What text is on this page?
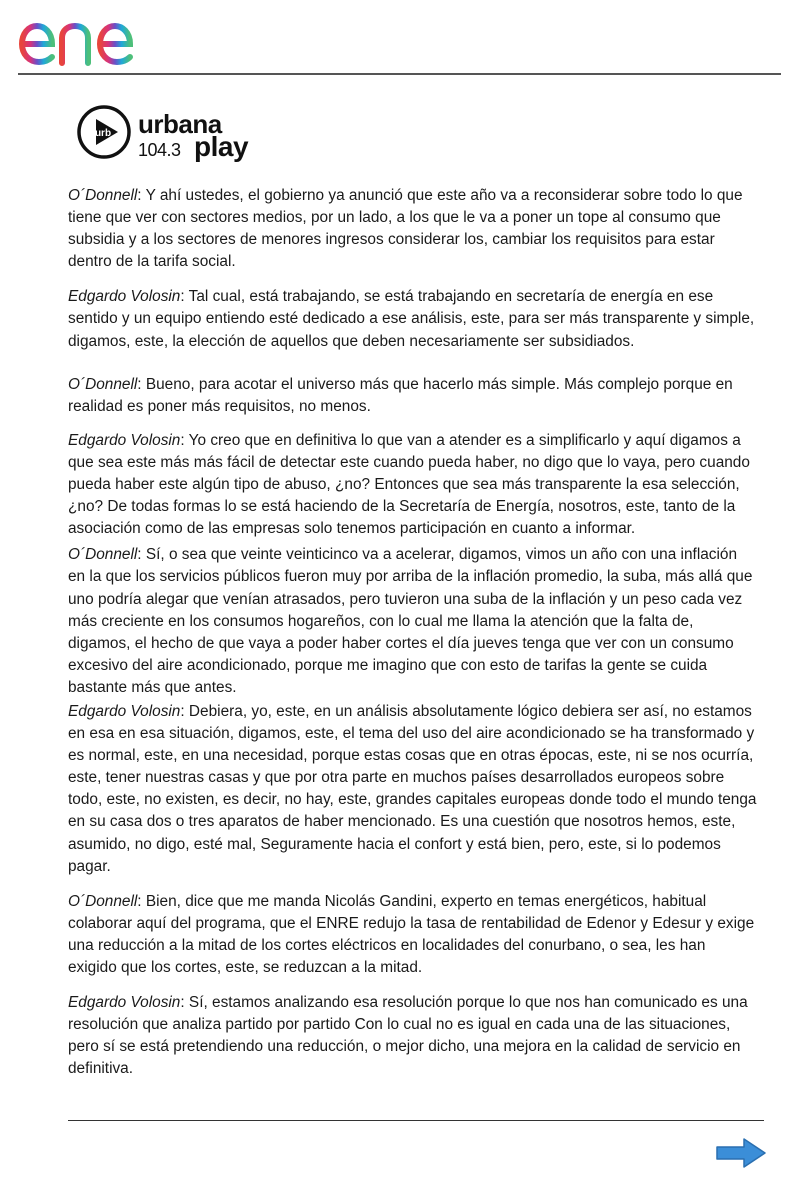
urb urbana
104.3 play

O´Donnell: Y ahí ustedes, el gobierno ya anunció que este año va a reconsiderar sobre todo lo que tiene que ver con sectores medios, por un lado, a los que le va a poner un tope al consumo que subsidia y a los sectores de menores ingresos considerar los, cambiar los requisitos para estar dentro de la tarifa social.

Edgardo Volosin: Tal cual, está trabajando, se está trabajando en secretaría de energía en ese sentido y un equipo entiendo esté dedicado a ese análisis, este, para ser más transparente y simple, digamos, este, la elección de aquellos que deben necesariamente ser subsidiados.

O´Donnell: Bueno, para acotar el universo más que hacerlo más simple. Más complejo porque en realidad es poner más requisitos, no menos.

Edgardo Volosin: Yo creo que en definitiva lo que van a atender es a simplificarlo y aquí digamos a que sea este más más fácil de detectar este cuando pueda haber, no digo que lo vaya, pero cuando pueda haber este algún tipo de abuso, ¿no? Entonces que sea más transparente la esa selección, ¿no? De todas formas lo se está haciendo de la Secretaría de Energía, nosotros, este, tanto de la asociación como de las empresas solo tenemos participación en cuanto a informar.

O´Donnell: Sí, o sea que veinte veinticinco va a acelerar, digamos, vimos un año con una inflación en la que los servicios públicos fueron muy por arriba de la inflación promedio, la suba, más allá que uno podría alegar que venían atrasados, pero tuvieron una suba de la inflación y un peso cada vez más creciente en los consumos hogareños, con lo cual me llama la atención que la falta de, digamos, el hecho de que vaya a poder haber cortes el día jueves tenga que ver con un consumo excesivo del aire acondicionado, porque me imagino que con esto de tarifas la gente se cuida bastante más que antes.

Edgardo Volosin: Debiera, yo, este, en un análisis absolutamente lógico debiera ser así, no estamos en esa en esa situación, digamos, este, el tema del uso del aire acondicionado se ha transformado y es normal, este, en una necesidad, porque estas cosas que en otras épocas, este, ni se nos ocurría, este, tener nuestras casas y que por otra parte en muchos países desarrollados europeos sobre todo, este, no existen, es decir, no hay, este, grandes capitales europeas donde todo el mundo tenga en su casa dos o tres aparatos de haber mencionado. Es una cuestión que nosotros hemos, este, asumido, no digo, esté mal, Seguramente hacia el confort y está bien, pero, este, si lo podemos pagar.

O´Donnell: Bien, dice que me manda Nicolás Gandini, experto en temas energéticos, habitual colaborar aquí del programa, que el ENRE redujo la tasa de rentabilidad de Edenor y Edesur y exige una reducción a la mitad de los cortes eléctricos en localidades del conurbano, o sea, les han exigido que los cortes, este, se reduzcan a la mitad.

Edgardo Volosin: Sí, estamos analizando esa resolución porque lo que nos han comunicado es una resolución que analiza partido por partido Con lo cual no es igual en cada una de las situaciones, pero sí se está pretendiendo una reducción, o mejor dicho, una mejora en la calidad de servicio en definitiva.
